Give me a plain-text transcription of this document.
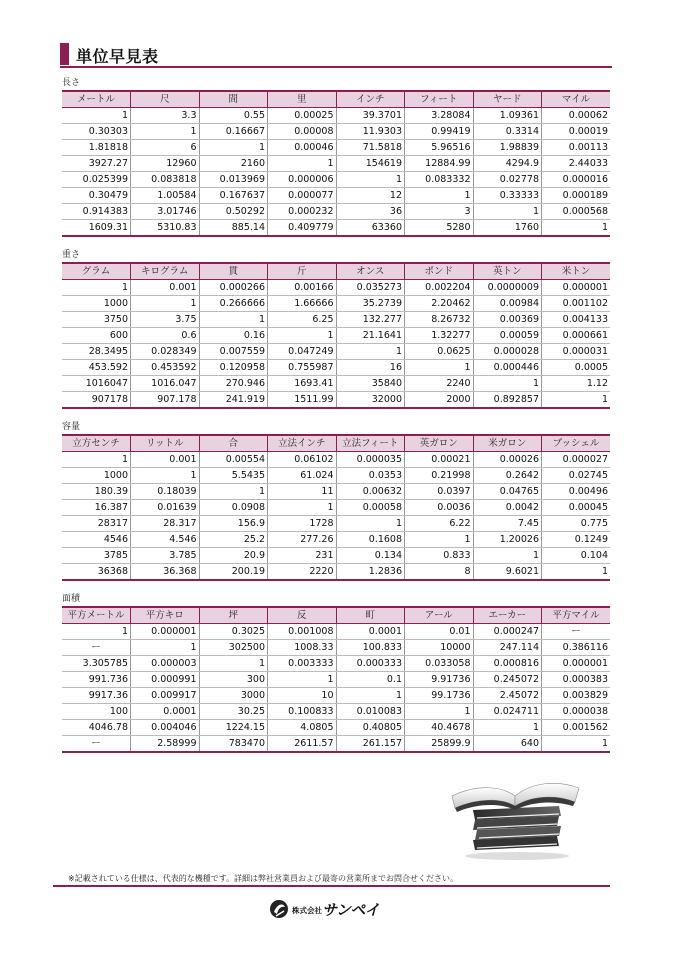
単位早見表
長さ
メートル	尺	間	里	インチ	フィート	ヤード	マイル
1	3.3	0.55	0.00025	39.3701	3.28084	1.09361	0.00062
0.30303	1	0.16667	0.00008	11.9303	0.99419	0.3314	0.00019
1.81818	6	1	0.00046	71.5818	5.96516	1.98839	0.00113
3927.27	12960	2160	1	154619	12884.99	4294.9	2.44033
0.025399	0.083818	0.013969	0.000006	1	0.083332	0.02778	0.000016
0.30479	1.00584	0.167637	0.000077	12	1	0.33333	0.000189
0.914383	3.01746	0.50292	0.000232	36	3	1	0.000568
1609.31	5310.83	885.14	0.409779	63360	5280	1760	1
重さ
グラム	キログラム	貫	斤	オンス	ポンド	英トン	米トン
1	0.001	0.000266	0.00166	0.035273	0.002204	0.0000009	0.000001
1000	1	0.266666	1.66666	35.2739	2.20462	0.00984	0.001102
3750	3.75	1	6.25	132.277	8.26732	0.00369	0.004133
600	0.6	0.16	1	21.1641	1.32277	0.00059	0.000661
28.3495	0.028349	0.007559	0.047249	1	0.0625	0.000028	0.000031
453.592	0.453592	0.120958	0.755987	16	1	0.000446	0.0005
1016047	1016.047	270.946	1693.41	35840	2240	1	1.12
907178	907.178	241.919	1511.99	32000	2000	0.892857	1
容量
立方センチ	リットル	合	立法インチ	立法フィート	英ガロン	米ガロン	ブッシェル
1	0.001	0.00554	0.06102	0.000035	0.00021	0.00026	0.000027
1000	1	5.5435	61.024	0.0353	0.21998	0.2642	0.02745
180.39	0.18039	1	11	0.00632	0.0397	0.04765	0.00496
16.387	0.01639	0.0908	1	0.00058	0.0036	0.0042	0.00045
28317	28.317	156.9	1728	1	6.22	7.45	0.775
4546	4.546	25.2	277.26	0.1608	1	1.20026	0.1249
3785	3.785	20.9	231	0.134	0.833	1	0.104
36368	36.368	200.19	2220	1.2836	8	9.6021	1
面積
平方メートル	平方キロ	坪	反	町	アール	エーカー	平方マイル
1	0.000001	0.3025	0.001008	0.0001	0.01	0.000247	ー
ー	1	302500	1008.33	100.833	10000	247.114	0.386116
3.305785	0.000003	1	0.003333	0.000333	0.033058	0.000816	0.000001
991.736	0.000991	300	1	0.1	9.91736	0.245072	0.000383
9917.36	0.009917	3000	10	1	99.1736	2.45072	0.003829
100	0.0001	30.25	0.100833	0.010083	1	0.024711	0.000038
4046.78	0.004046	1224.15	4.0805	0.40805	40.4678	1	0.001562
ー	2.58999	783470	2611.57	261.157	25899.9	640	1
※記載されている仕様は、代表的な機種です。詳細は弊社営業員および最寄の営業所までお問合せください。
株式会社 サンペイ
